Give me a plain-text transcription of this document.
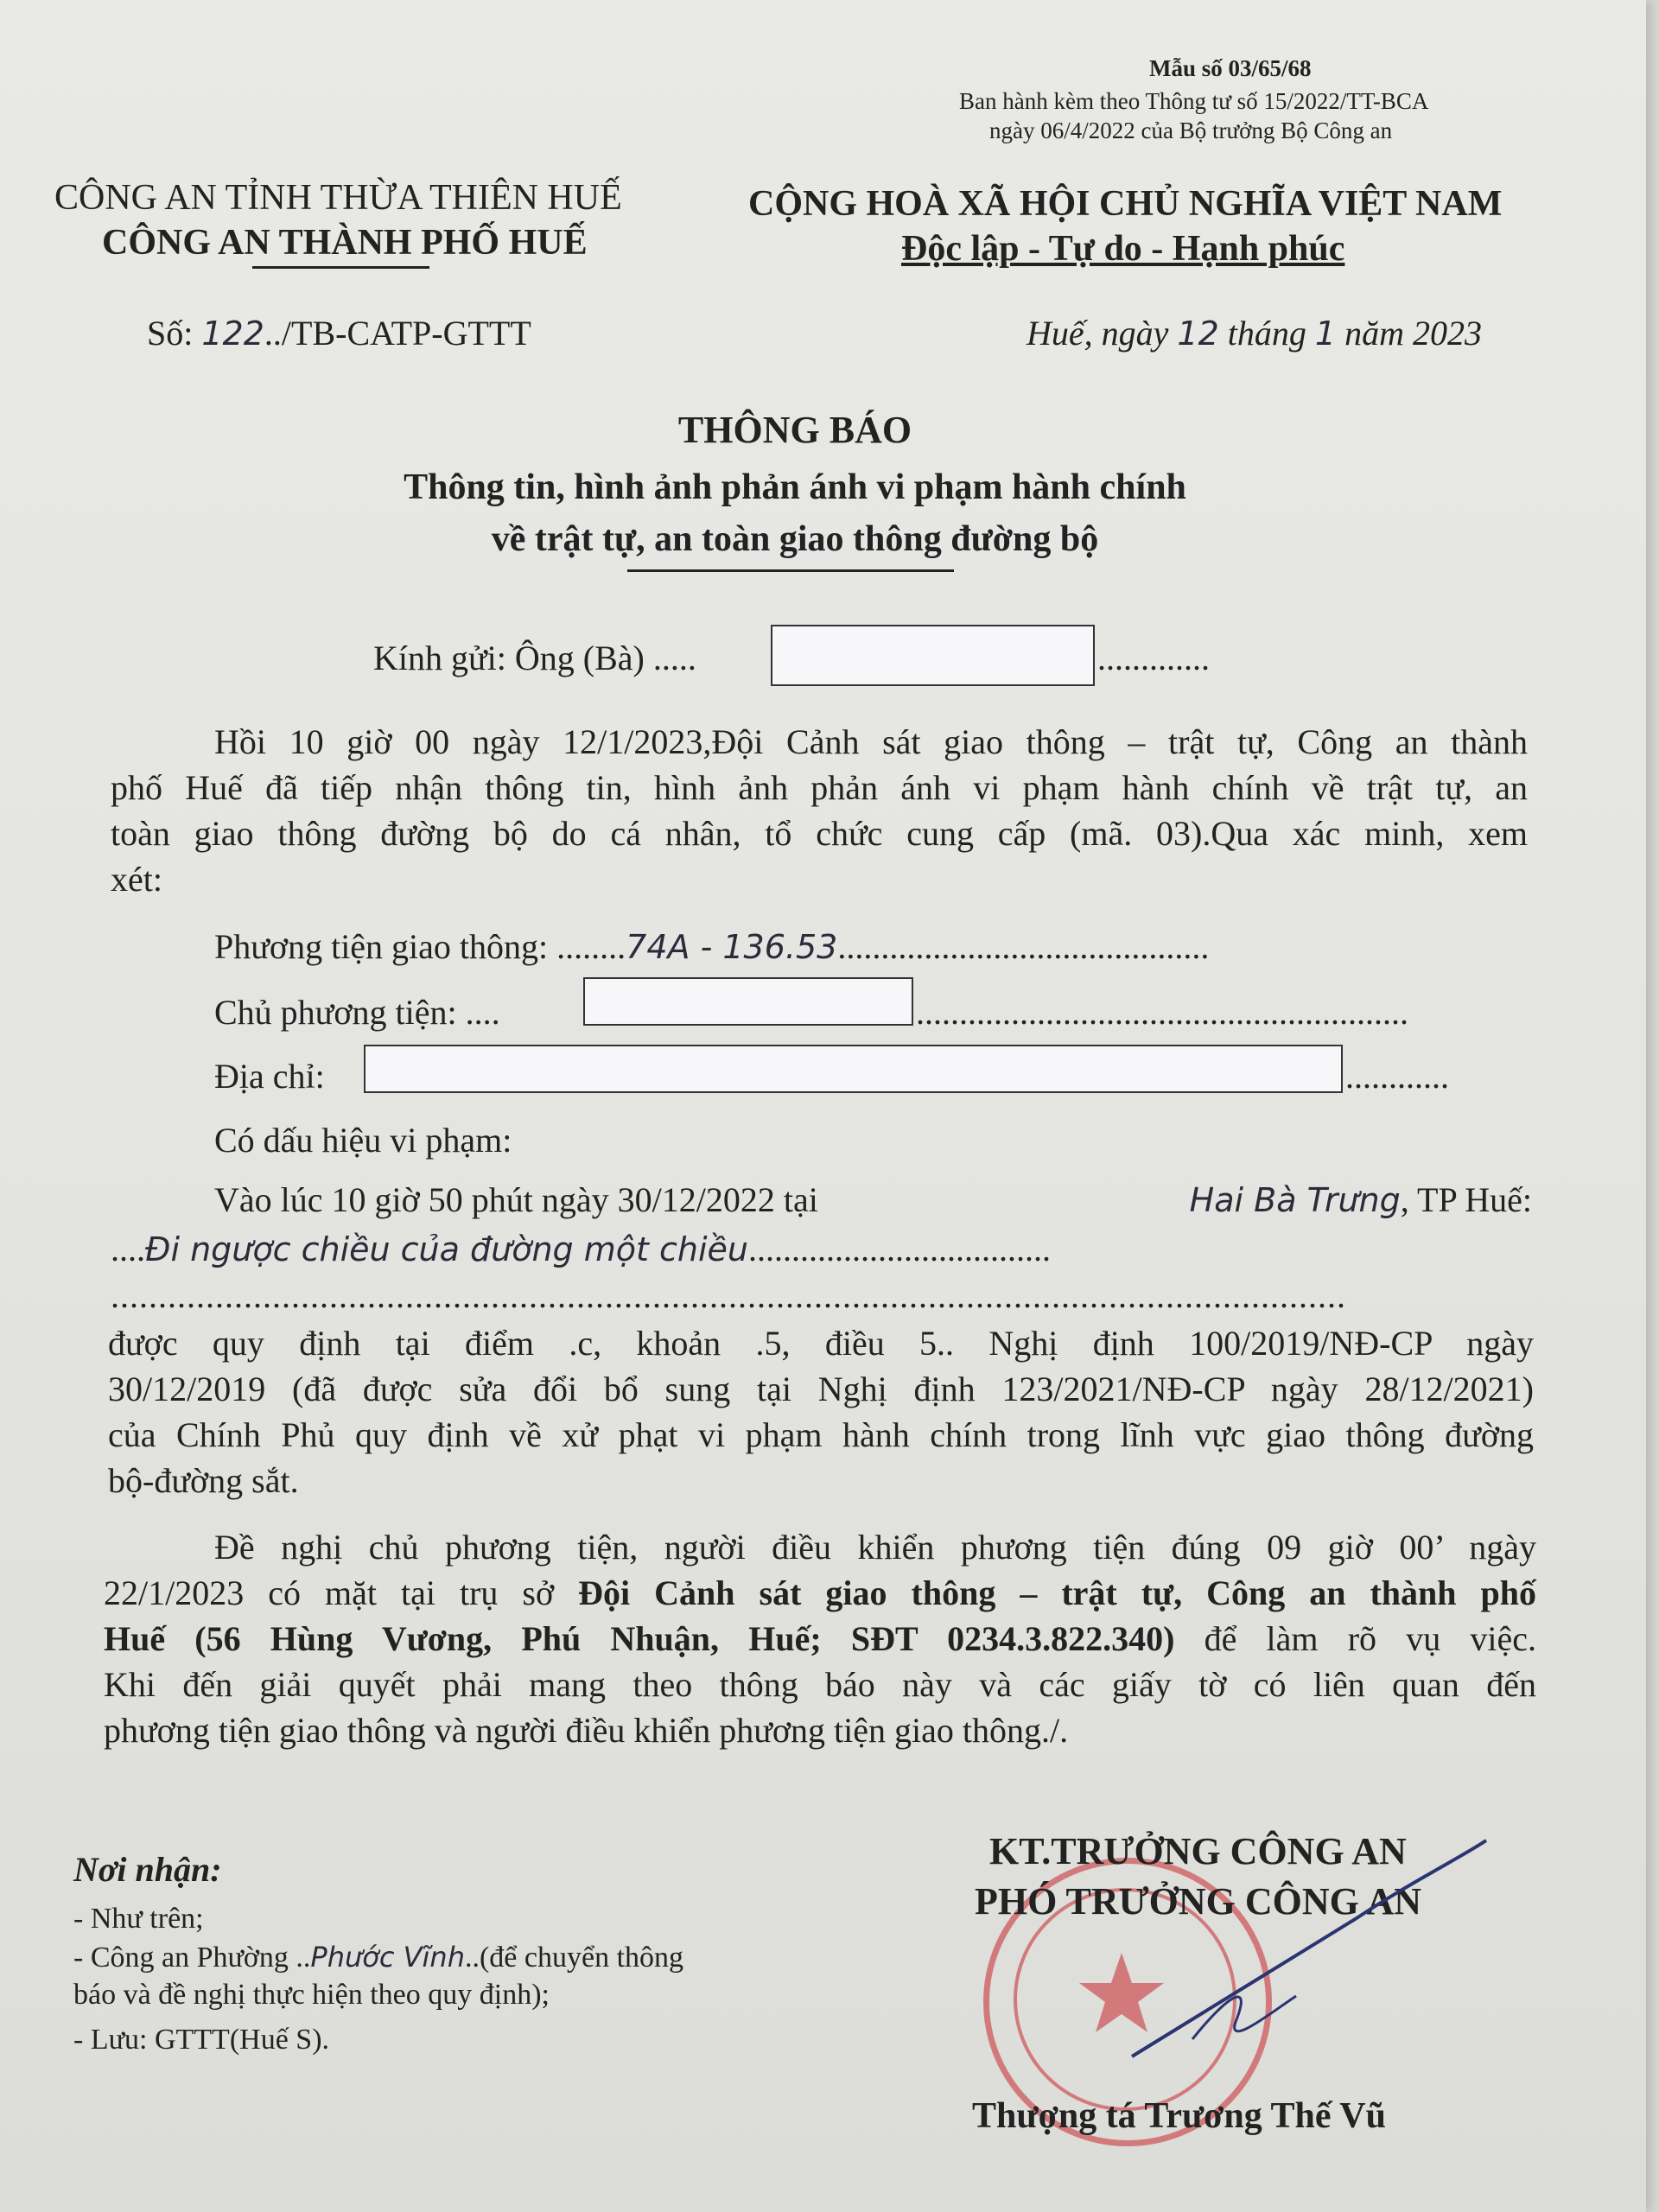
Mẫu số 03/65/68
Ban hành kèm theo Thông tư số 15/2022/TT-BCA
ngày 06/4/2022 của Bộ trưởng Bộ Công an
CÔNG AN TỈNH THỪA THIÊN HUẾ
CÔNG AN THÀNH PHỐ HUẾ
CỘNG HOÀ XÃ HỘI CHỦ NGHĨA VIỆT NAM
Độc lập - Tự do - Hạnh phúc
Số: 122../TB-CATP-GTTT	Huế, ngày 12 tháng 1 năm 2023
THÔNG BÁO
Thông tin, hình ảnh phản ánh vi phạm hành chính
về trật tự, an toàn giao thông đường bộ
Kính gửi: Ông (Bà) .....	.............
Hồi 10 giờ 00 ngày 12/1/2023,Đội Cảnh sát giao thông – trật tự, Công an thành
phố Huế đã tiếp nhận thông tin, hình ảnh phản ánh vi phạm hành chính về trật tự, an
toàn giao thông đường bộ do cá nhân, tổ chức cung cấp (mã. 03).Qua xác minh, xem
xét:
Phương tiện giao thông: ........74A - 136.53...........................................
Chủ phương tiện: ....	.........................................................
Địa chỉ:	............
Có dấu hiệu vi phạm:
Vào lúc 10 giờ 50 phút ngày 30/12/2022 tại	Hai Bà Trưng, TP Huế:
....Đi ngược chiều của đường một chiều...................................
..................................................................................................................................
được quy định tại điểm .c, khoản .5, điều 5.. Nghị định 100/2019/NĐ-CP ngày
30/12/2019 (đã được sửa đổi bổ sung tại Nghị định 123/2021/NĐ-CP ngày 28/12/2021)
của Chính Phủ quy định về xử phạt vi phạm hành chính trong lĩnh vực giao thông đường
bộ-đường sắt.
Đề nghị chủ phương tiện, người điều khiển phương tiện đúng 09 giờ 00’ ngày
22/1/2023 có mặt tại trụ sở Đội Cảnh sát giao thông – trật tự, Công an thành phố
Huế (56 Hùng Vương, Phú Nhuận, Huế; SĐT 0234.3.822.340) để làm rõ vụ việc.
Khi đến giải quyết phải mang theo thông báo này và các giấy tờ có liên quan đến
phương tiện giao thông và người điều khiển phương tiện giao thông./.
Nơi nhận:
- Như trên;
- Công an Phường ..Phước Vĩnh..(để chuyển thông
báo và đề nghị thực hiện theo quy định);
- Lưu: GTTT(Huế S).
KT.TRƯỞNG CÔNG AN
PHÓ TRƯỞNG CÔNG AN
Thượng tá Trương Thế Vũ
